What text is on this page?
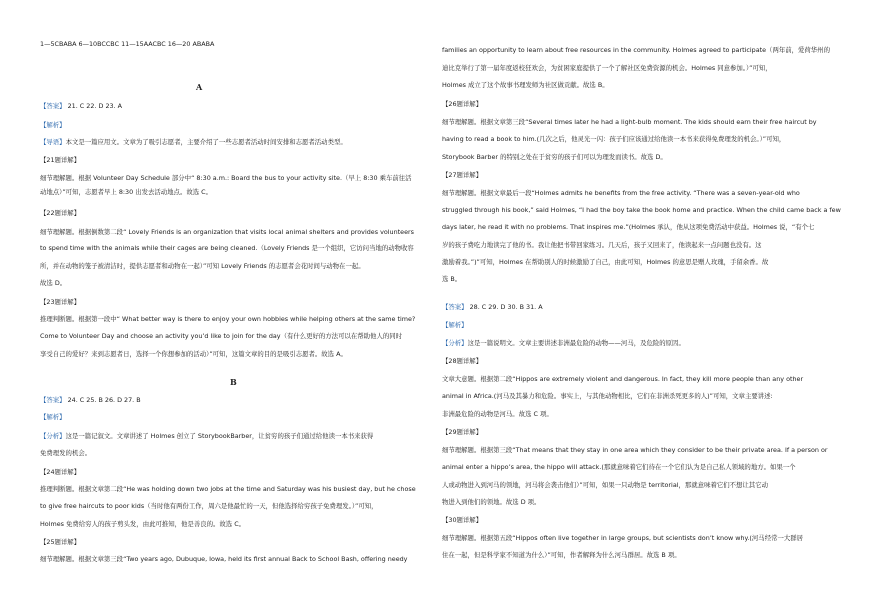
1—5CBABA 6—10BCCBC 11—15AACBC 16—20 ABABA
A
【答案】 21. C 22. D 23. A
【解析】
【导语】本文是一篇应用文。文章为了吸引志愿者，主要介绍了一些志愿者活动时间安排和志愿者活动类型。
【21题详解】
细节理解题。根据 Volunteer Day Schedule 部分中“ 8:30 a.m.: Board the bus to your activity site.（早上 8:30 乘车前往活
动地点）”可知，志愿者早上 8:30 出发去活动地点。故选 C。
【22题详解】
细节理解题。根据倒数第二段“ Lovely Friends is an organization that visits local animal shelters and provides volunteers
to spend time with the animals while their cages are being cleaned.（Lovely Friends 是一个组织，它访问当地的动物收容
所，并在动物的笼子被清洁时，提供志愿者和动物在一起）”可知 Lovely Friends 的志愿者会花时间与动物在一起。
故选 D。
【23题详解】
推理判断题。根据第一段中“ What better way is there to enjoy your own hobbies while helping others at the same time?
Come to Volunteer Day and choose an activity you’d like to join for the day（有什么更好的方法可以在帮助他人的同时
享受自己的爱好？来到志愿者日，选择一个你想参加的活动）”可知，这篇文章的目的是吸引志愿者。故选 A。
B
【答案】 24. C 25. B 26. D 27. B
【解析】
【分析】这是一篇记叙文。文章讲述了 Holmes 创立了 StorybookBarber，让贫穷的孩子们通过给他读一本书来获得
免费理发的机会。
【24题详解】
推理判断题。根据文章第二段“He was holding down two jobs at the time and Saturday was his busiest day, but he chose
to give free haircuts to poor kids（当时他有两份工作，周六是他最忙的一天，但他选择给穷孩子免费理发。）”可知，
Holmes 免费给穷人的孩子剪头发，由此可推知，他是善良的。故选 C。
【25题详解】
细节理解题。根据文章第三段“Two years ago, Dubuque, Iowa, held its first annual Back to School Bash, offering needy
families an opportunity to learn about free resources in the community. Holmes agreed to participate（两年前，爱荷华州的
迪比克举行了第一届年度返校狂欢会，为贫困家庭提供了一个了解社区免费资源的机会。Holmes 同意参加。）”可知，
Holmes 成立了这个故事书理发师为社区做贡献。故选 B。
【26题详解】
细节理解题。根据文章第三段“Several times later he had a light-bulb moment. The kids should earn their free haircut by
having to read a book to him.(几次之后，他灵光一闪：孩子们应该通过给他读一本书来获得免费理发的机会。）”可知，
Storybook Barber 的特别之处在于贫穷的孩子们可以为理发而读书。故选 D。
【27题详解】
细节理解题。根据文章最后一段“Holmes admits he benefits from the free activity. “There was a seven-year-old who
struggled through his book,” said Holmes, “I had the boy take the book home and practice. When the child came back a few
days later, he read it with no problems. That inspires me.”(Holmes 承认，他从这项免费活动中获益。Holmes 说，“有个七
岁的孩子费吃力地读完了他的书。我让他把书带回家练习。几天后，孩子又回来了，他读起来一点问题也没有。这
激励着我。”)”可知，Holmes 在帮助别人的时候激励了自己，由此可知，Holmes 的意思是赠人玫瑰，手留余香。故
选 B。
【答案】 28. C 29. D 30. B 31. A
【解析】
【分析】这是一篇说明文。文章主要讲述非洲最危险的动物——河马，及危险的原因。
【28题详解】
文章大意题。根据第二段“Hippos are extremely violent and dangerous. In fact, they kill more people than any other
animal in Africa.(河马及其暴力和危险。事实上，与其他动物相比，它们在非洲杀死更多的人)”可知，文章主要讲述:
非洲最危险的动物是河马。故选 C 项。
【29题详解】
细节理解题。根据第三段“That means that they stay in one area which they consider to be their private area. If a person or
animal enter a hippo’s area, the hippo will attack.(那就意味着它们待在一个它们认为是自己私人领域的地方。如果一个
人或动物进入到河马的领地，河马将会袭击他们）”可知，如果一只动物是 territorial，那就意味着它们不想让其它动
物进入到他们的领地。故选 D 项。
【30题详解】
细节理解题。根据第五段“Hippos often live together in large groups, but scientists don’t know why.(河马经常一大群居
住在一起，但是科学家不知道为什么）”可知，作者解释为什么河马群居。故选 B 项。
